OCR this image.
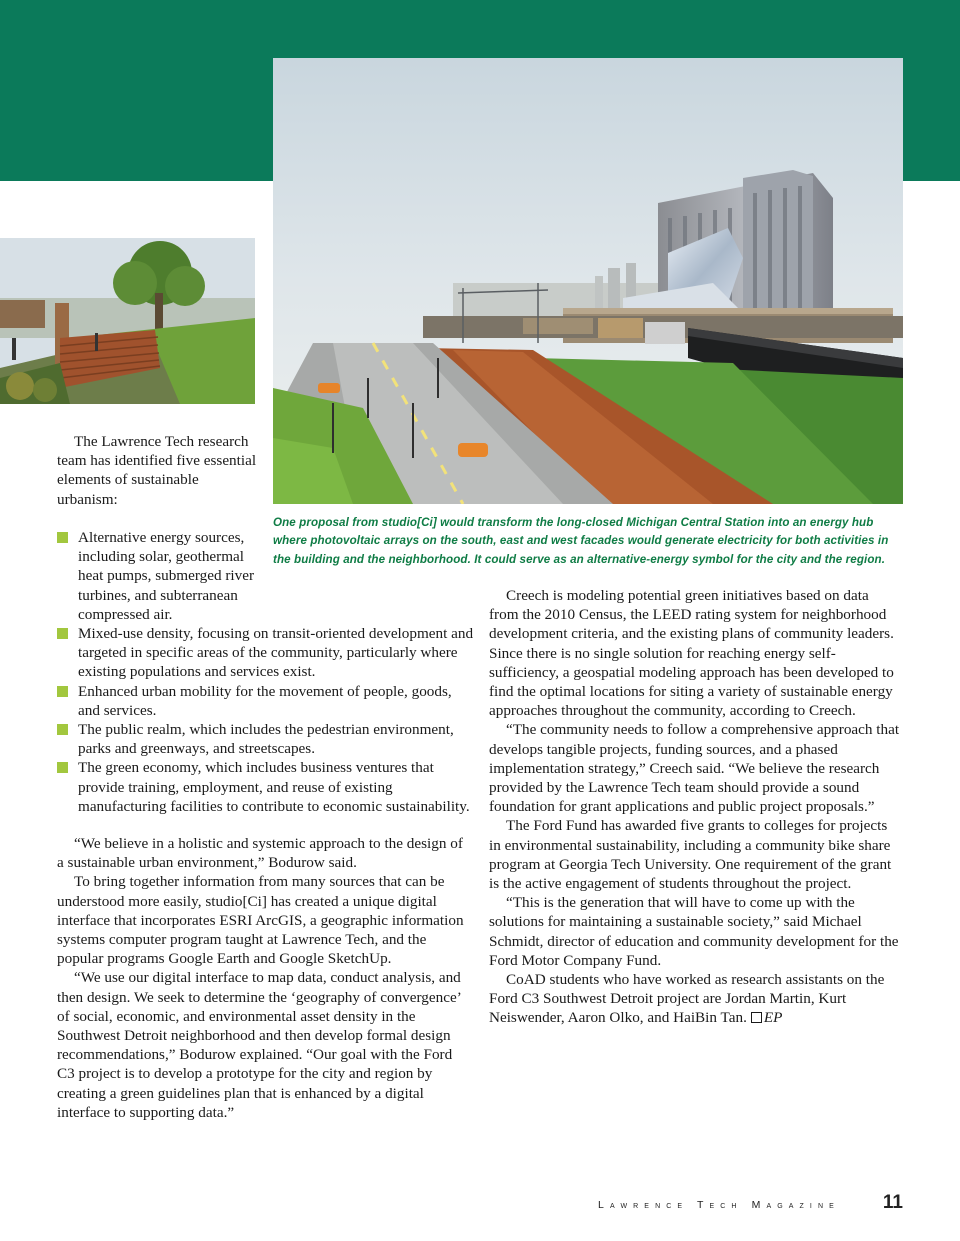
One proposal from studio[Ci] would transform the long-closed Michigan Central Station into an energy hub where photovoltaic arrays on the south, east and west facades would generate electricity for both activities in the building and the neighborhood. It could serve as an alternative-energy symbol for the city and the region.

The Lawrence Tech research team has identified five essential elements of sustainable urbanism:

Alternative energy sources, including solar, geothermal heat pumps, submerged river turbines, and subterranean compressed air.
Mixed-use density, focusing on transit-oriented development and targeted in specific areas of the community, particularly where existing populations and services exist.
Enhanced urban mobility for the movement of people, goods, and services.
The public realm, which includes the pedestrian environment, parks and greenways, and streetscapes.
The green economy, which includes business ventures that provide training, employment, and reuse of existing manufacturing facilities to contribute to economic sustainability.

“We believe in a holistic and systemic approach to the design of a sustainable urban environment,” Bodurow said.

To bring together information from many sources that can be understood more easily, studio[Ci] has created a unique digital interface that incorporates ESRI ArcGIS, a geographic information systems computer program taught at Lawrence Tech, and the popular programs Google Earth and Google SketchUp.

“We use our digital interface to map data, conduct analysis, and then design. We seek to determine the ‘geography of convergence’ of social, economic, and environmental asset density in the Southwest Detroit neighborhood and then develop formal design recommendations,” Bodurow explained. “Our goal with the Ford C3 project is to develop a prototype for the city and region by creating a green guidelines plan that is enhanced by a digital interface to supporting data.”

Creech is modeling potential green initiatives based on data from the 2010 Census, the LEED rating system for neighborhood development criteria, and the existing plans of community leaders. Since there is no single solution for reaching energy self-sufficiency, a geospatial modeling approach has been developed to find the optimal locations for siting a variety of sustainable energy approaches throughout the community, according to Creech.

“The community needs to follow a comprehensive approach that develops tangible projects, funding sources, and a phased implementation strategy,” Creech said. “We believe the research provided by the Lawrence Tech team should provide a sound foundation for grant applications and public project proposals.”

The Ford Fund has awarded five grants to colleges for projects in environmental sustainability, including a community bike share program at Georgia Tech University. One requirement of the grant is the active engagement of students throughout the project.

“This is the generation that will have to come up with the solutions for maintaining a sustainable society,” said Michael Schmidt, director of education and community development for the Ford Motor Company Fund.

CoAD students who have worked as research assistants on the Ford C3 Southwest Detroit project are Jordan Martin, Kurt Neiswender, Aaron Olko, and HaiBin Tan. EP

Lawrence Tech Magazine 11
